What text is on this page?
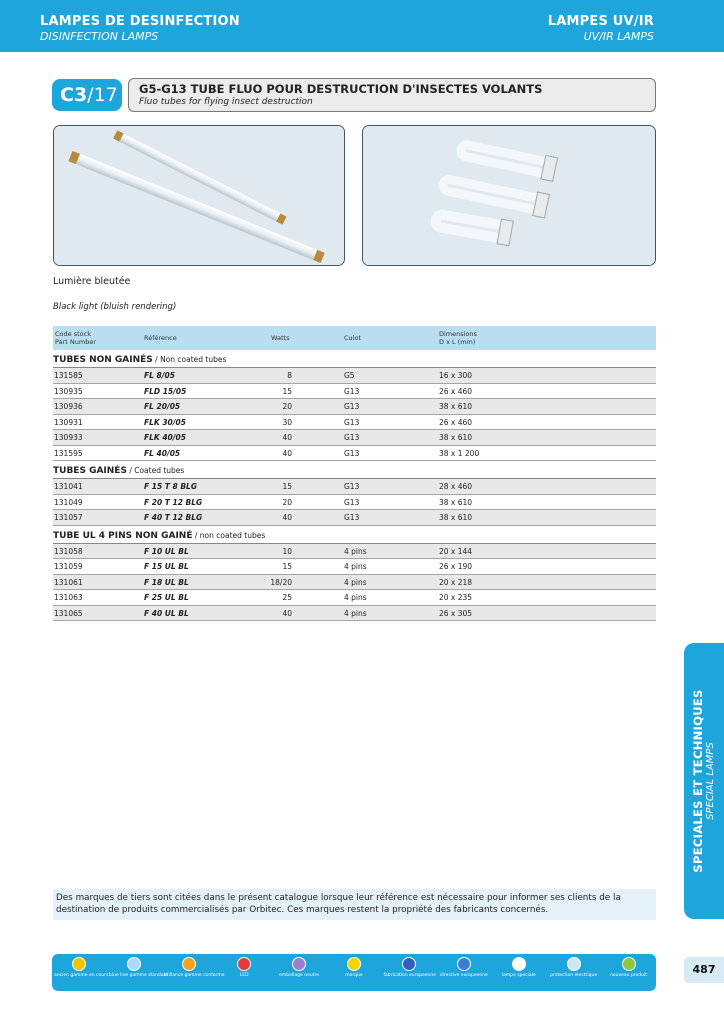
LAMPES DE DESINFECTION
DISINFECTION LAMPS
LAMPES UV/IR
UV/IR LAMPS
C3/17	G5-G13 TUBE FLUO POUR DESTRUCTION D'INSECTES VOLANTS
Fluo tubes for flying insect destruction
Lumière bleutée
Black light (bluish rendering)
Code stock
Part Number	Référence	Watts	Culot	Dimensions
D x L (mm)
TUBES NON GAINÉS / Non coated tubes
131585	FL 8/05	8	G5	16 x 300
130935	FLD 15/05	15	G13	26 x 460
130936	FL 20/05	20	G13	38 x 610
130931	FLK 30/05	30	G13	26 x 460
130933	FLK 40/05	40	G13	38 x 610
131595	FL 40/05	40	G13	38 x 1 200
TUBES GAINÉS / Coated tubes
131041	F 15 T 8 BLG	15	G13	28 x 460
131049	F 20 T 12 BLG	20	G13	38 x 610
131057	F 40 T 12 BLG	40	G13	38 x 610
TUBE UL 4 PINS NON GAINÉ / non coated tubes
131058	F 10 UL BL	10	4 pins	20 x 144
131059	F 15 UL BL	15	4 pins	26 x 190
131061	F 18 UL BL	18/20	4 pins	20 x 218
131063	F 25 UL BL	25	4 pins	20 x 235
131065	F 40 UL BL	40	4 pins	26 x 305
SPECIALES ET TECHNIQUES SPECIAL LAMPS
Des marques de tiers sont citées dans le présent catalogue lorsque leur référence est nécessaire pour informer ses clients de la destination de produits commercialisés par Orbitec. Ces marques restent la propriété des fabricants concernés.
ancien gamme en cours blue line gamme standard
brillance gamme conforme	LED	emballage neutre	marque	fabrication europeenne directive europeenne	lampe speciale	protection electrique	nouveau produit	487
